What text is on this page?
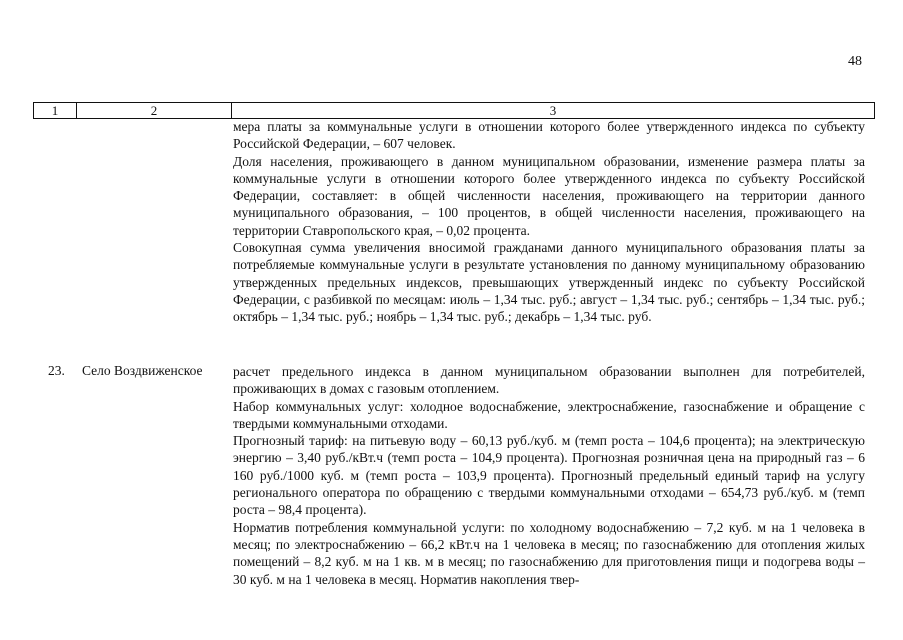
48
1	2	3

мера платы за коммунальные услуги в отношении которого более утвержденного индекса по субъекту Российской Федерации, – 607 человек.

Доля населения, проживающего в данном муниципальном образовании, изменение размера платы за коммунальные услуги в отношении которого более утвержденного индекса по субъекту Российской Федерации, составляет: в общей численности населения, проживающего на территории данного муниципального образования, – 100 процентов, в общей численности населения, проживающего на территории Ставропольского края, – 0,02 процента.

Совокупная сумма увеличения вносимой гражданами данного муниципального образования платы за потребляемые коммунальные услуги в результате установления по данному муниципальному образованию утвержденных предельных индексов, превышающих утвержденный индекс по субъекту Российской Федерации, с разбивкой по месяцам: июль – 1,34 тыс. руб.; август – 1,34 тыс. руб.; сентябрь – 1,34 тыс. руб.; октябрь – 1,34 тыс. руб.; ноябрь – 1,34 тыс. руб.; декабрь – 1,34 тыс. руб.

23. Село Воздвиженское расчет предельного индекса в данном муниципальном образовании выполнен для потребителей, проживающих в домах с газовым отоплением.

Набор коммунальных услуг: холодное водоснабжение, электроснабжение, газоснабжение и обращение с твердыми коммунальными отходами.

Прогнозный тариф: на питьевую воду – 60,13 руб./куб. м (темп роста – 104,6 процента); на электрическую энергию – 3,40 руб./кВт.ч (темп роста – 104,9 процента). Прогнозная розничная цена на природный газ – 6 160 руб./1000 куб. м (темп роста – 103,9 процента). Прогнозный предельный единый тариф на услугу регионального оператора по обращению с твердыми коммунальными отходами – 654,73 руб./куб. м (темп роста – 98,4 процента).

Норматив потребления коммунальной услуги: по холодному водоснабжению – 7,2 куб. м на 1 человека в месяц; по электроснабжению – 66,2 кВт.ч на 1 человека в месяц; по газоснабжению для отопления жилых помещений – 8,2 куб. м на 1 кв. м в месяц; по газоснабжению для приготовления пищи и подогрева воды – 30 куб. м на 1 человека в месяц. Норматив накопления твер-
